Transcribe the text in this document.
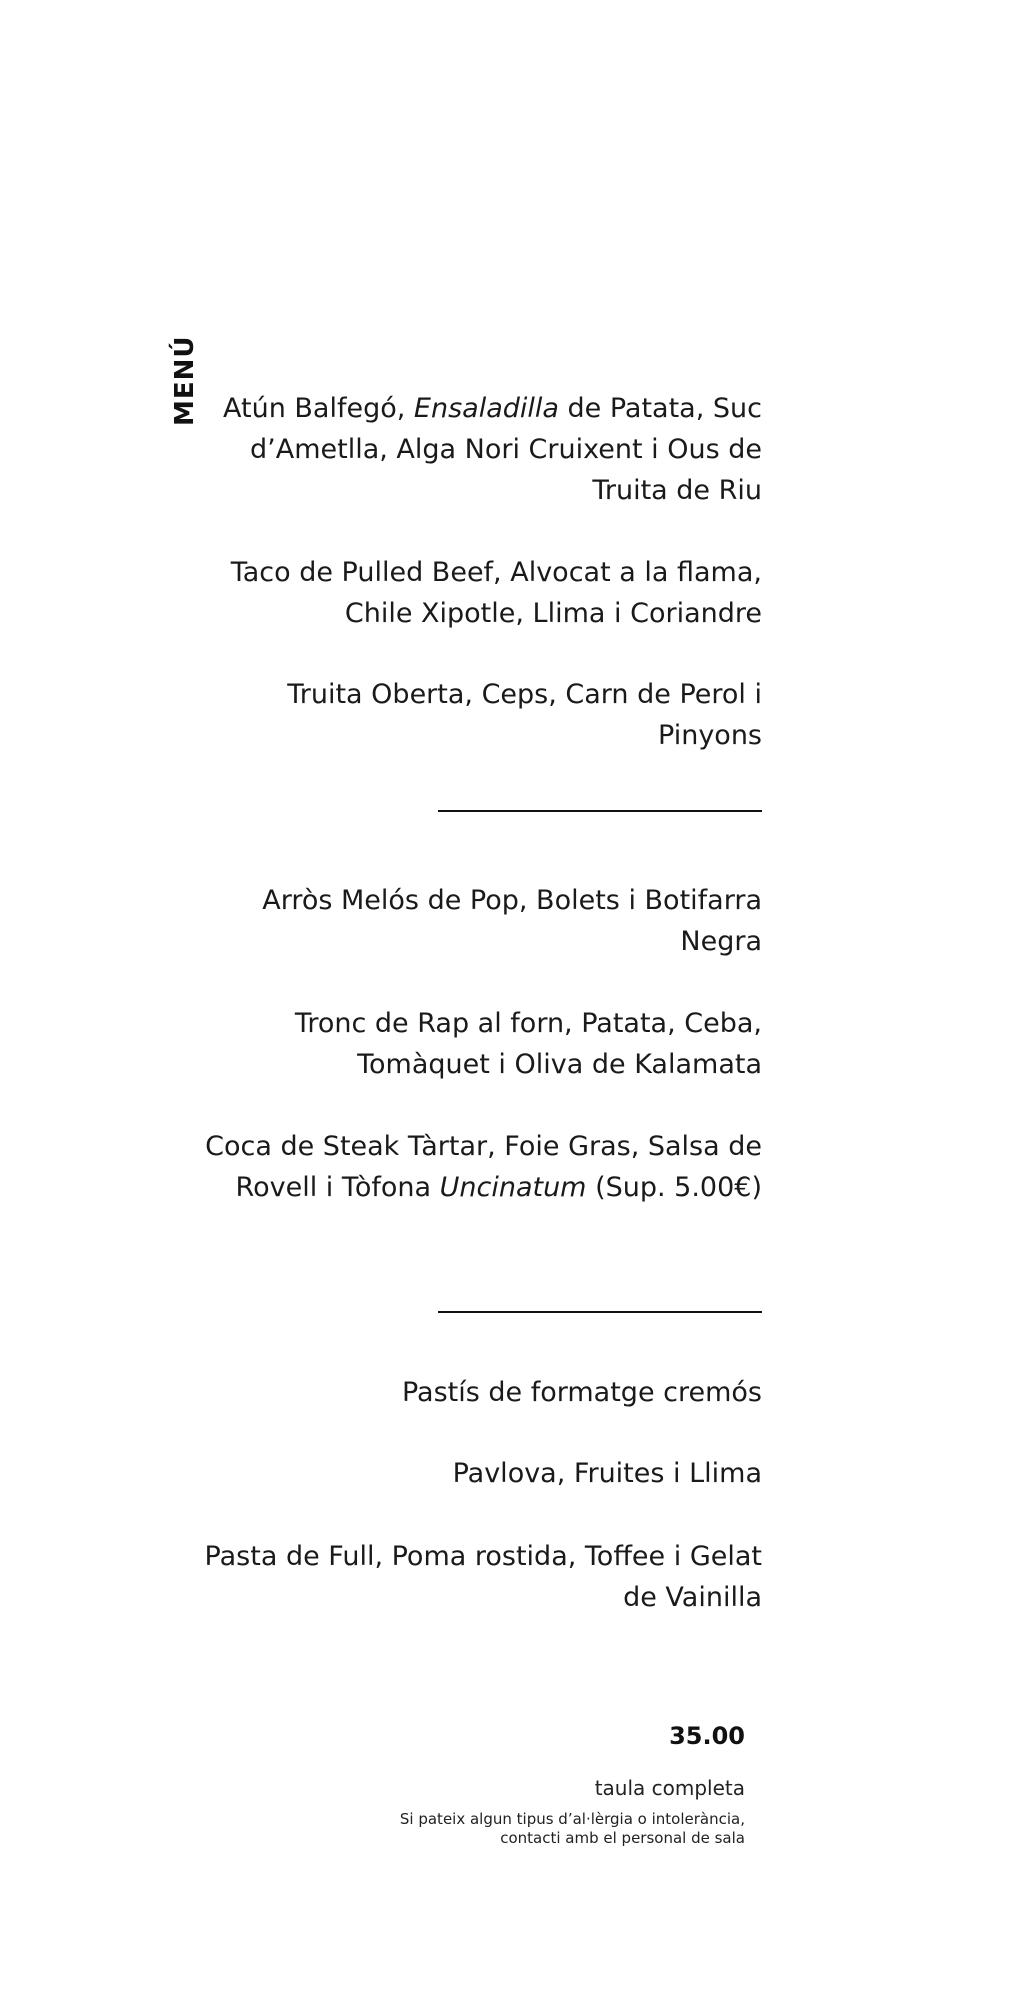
MENÚ Atún Balfegó, Ensaladilla de Patata, Suc d’Ametlla, Alga Nori Cruixent i Ous de Truita de Riu
Taco de Pulled Beef, Alvocat a la flama, Chile Xipotle, Llima i Coriandre
Truita Oberta, Ceps, Carn de Perol i Pinyons
Arròs Melós de Pop, Bolets i Botifarra Negra
Tronc de Rap al forn, Patata, Ceba, Tomàquet i Oliva de Kalamata
Coca de Steak Tàrtar, Foie Gras, Salsa de Rovell i Tòfona Uncinatum (Sup. 5.00€)
Pastís de formatge cremós
Pavlova, Fruites i Llima
Pasta de Full, Poma rostida, Toffee i Gelat de Vainilla
35.00
taula completa
Si pateix algun tipus d’al·lèrgia o intolerància,
contacti amb el personal de sala
